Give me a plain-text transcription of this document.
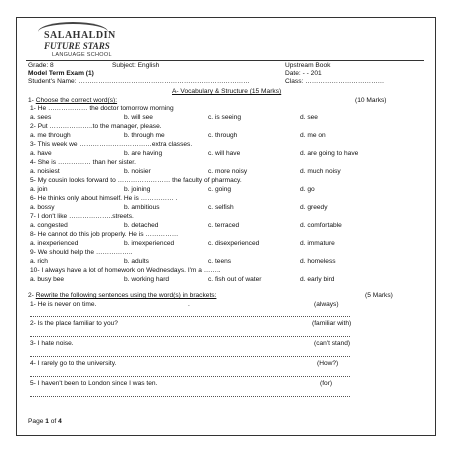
SALAHALDIN
FUTURE STARS
LANGUAGE SCHOOL
Grade: 8	Subject: English	Upstream Book
Model Term Exam (1)	Date: - - 201
Student's Name: ……………………………………………………………………	Class: ………………………………
A- Vocabulary & Structure (15 Marks)
1- Choose the correct word(s):	(10 Marks)
1- He ……………… the doctor tomorrow morning
a. sees	b. will see	c. is seeing	d. see
2- Put ………………..to the manager, please.
a. me through	b. through me	c. through	d. me on
3- This week we ……………………………extra classes.
a. have	b. are having	c. will have	d. are going to have
4- She is …………… than her sister.
a. noisiest	b. noisier	c. more noisy	d. much noisy
5- My cousin looks forward to …………………… the faculty of pharmacy.
a. join	b. joining	c. going	d. go
6- He thinks only about himself. He is …………… .
a. bossy	b. ambitious	c. selfish	d. greedy
7- I don't like ………………..streets.
a. congested	b. detached	c. terraced	d. comfortable
8- He cannot do this job properly. He is ……………
a. inexperienced	b. imexperienced	c. disexperienced	d. immature
9- We should help the ……………..
a. rich	b. adults	c. teens	d. homeless
10- I always have a lot of homework on Wednesdays. I'm a ……..
a. busy bee	b. working hard	c. fish out of water	d. early bird
2- Rewrite the following sentences using the word(s) in brackets:	(5 Marks)
1- He is never on time.	.	(always)
2- Is the place familiar to you?	(familiar with)
3- I hate noise.	(can't stand)
4- I rarely go to the university.	(How?)
5- I haven't been to London since I was ten.	(for)
Page 1 of 4
